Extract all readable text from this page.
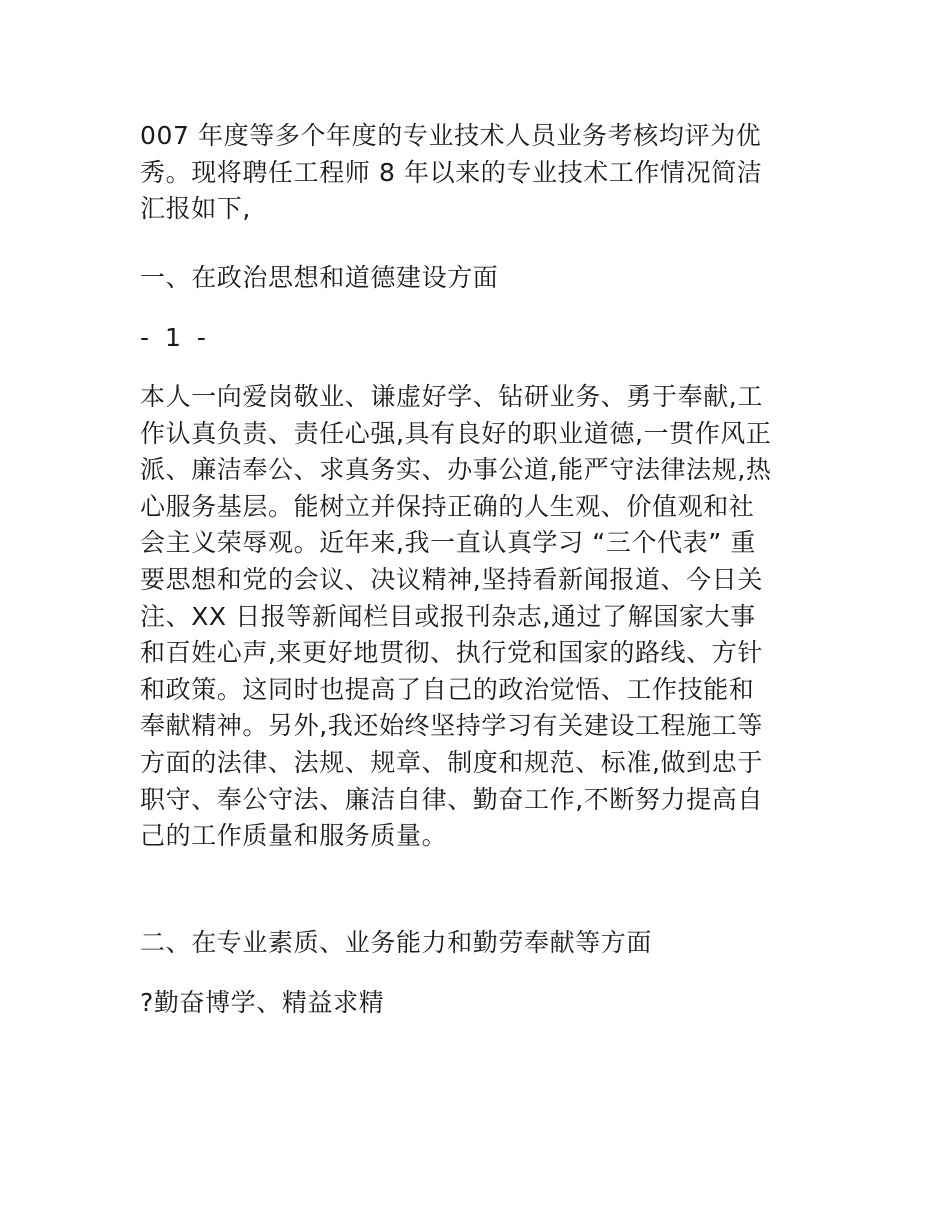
007 年度等多个年度的专业技术人员业务考核均评为优
秀。现将聘任工程师 8 年以来的专业技术工作情况简洁
汇报如下,
一、在政治思想和道德建设方面
- 1 -
本人一向爱岗敬业、谦虚好学、钻研业务、勇于奉献,工
作认真负责、责任心强,具有良好的职业道德,一贯作风正
派、廉洁奉公、求真务实、办事公道,能严守法律法规,热
心服务基层。能树立并保持正确的人生观、价值观和社
会主义荣辱观。近年来,我一直认真学习 “三个代表” 重
要思想和党的会议、决议精神,坚持看新闻报道、今日关
注、XX 日报等新闻栏目或报刊杂志,通过了解国家大事
和百姓心声,来更好地贯彻、执行党和国家的路线、方针
和政策。这同时也提高了自己的政治觉悟、工作技能和
奉献精神。另外,我还始终坚持学习有关建设工程施工等
方面的法律、法规、规章、制度和规范、标准,做到忠于
职守、奉公守法、廉洁自律、勤奋工作,不断努力提高自
己的工作质量和服务质量。
二、在专业素质、业务能力和勤劳奉献等方面
?勤奋博学、精益求精
